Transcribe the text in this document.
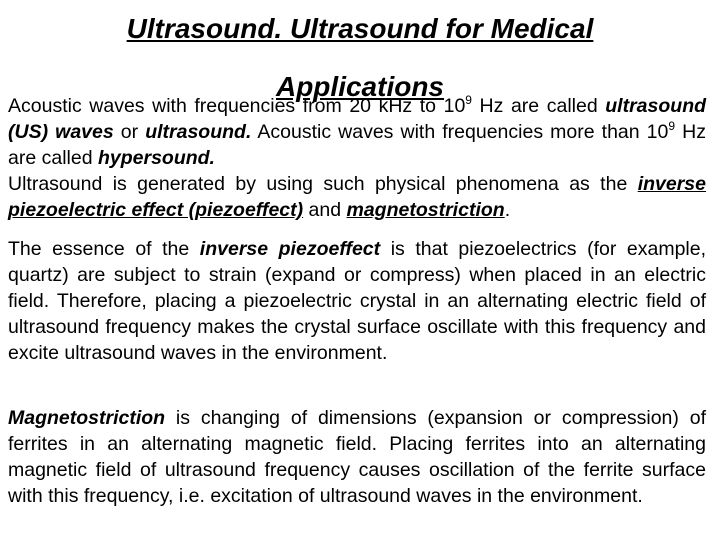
Ultrasound. Ultrasound for Medical
Applications
Acoustic waves with frequencies from 20 kHz to $10^9$ Hz are called ultrasound (US) waves or ultrasound. Acoustic waves with frequencies more than $10^9$ Hz are called hypersound.
Ultrasound is generated by using such physical phenomena as the inverse piezoelectric effect (piezoeffect) and magnetostriction.
The essence of the inverse piezoeffect is that piezoelectrics (for example, quartz) are subject to strain (expand or compress) when placed in an electric field. Therefore, placing a piezoelectric crystal in an alternating electric field of ultrasound frequency makes the crystal surface oscillate with this frequency and excite ultrasound waves in the environment.
Magnetostriction is changing of dimensions (expansion or compression) of ferrites in an alternating magnetic field. Placing ferrites into an alternating magnetic field of ultrasound frequency causes oscillation of the ferrite surface with this frequency, i.e. excitation of ultrasound waves in the environment.
